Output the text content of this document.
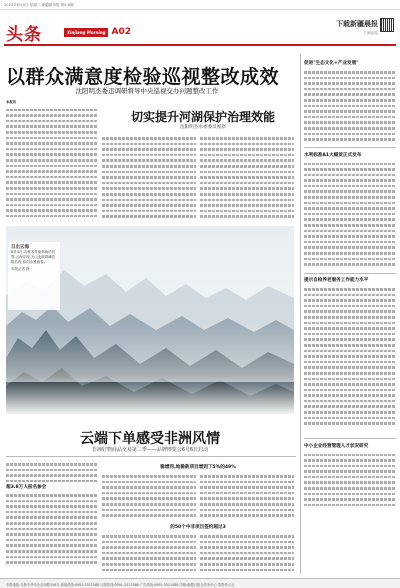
2024年6月5日 星期三 新疆都市报 第4-6版
头条	Xinjiang Morning A02
下载新疆晨报
扫码浏览
以群众满意度检验巡视整改成效
沈阳明杰委违调研督导中央巡视交办问题整改工作
本报讯
切实提升河湖保护治理效能
沈阳明杰水委委员视察
促进"生态文化+产业发展"
水利标准A1大幅货正式发布
提示自检养老服务工作能力水平
中小企业经营管理人才状况研究
日出云海
6月4日,乌鲁木齐南郊雨后初霁,云海浮现,天山北坡群峰若隐若现,如同水墨画卷。
本报记者 摄
云端下单感受非洲风情
非洲好物商品交易第三季——品牌博览会6月6日启动
超3.8万人报名参会
稳增同,地稳新项目增到丁5%的49%
的50个中非项目签约超过3
本报地址:乌鲁木齐市北京南路358号 新闻热线:0991-5511568 订阅热线:0991-5511568 广告热线:0991-5511588 印刷:新疆日报社印务中心 零售价:1元
